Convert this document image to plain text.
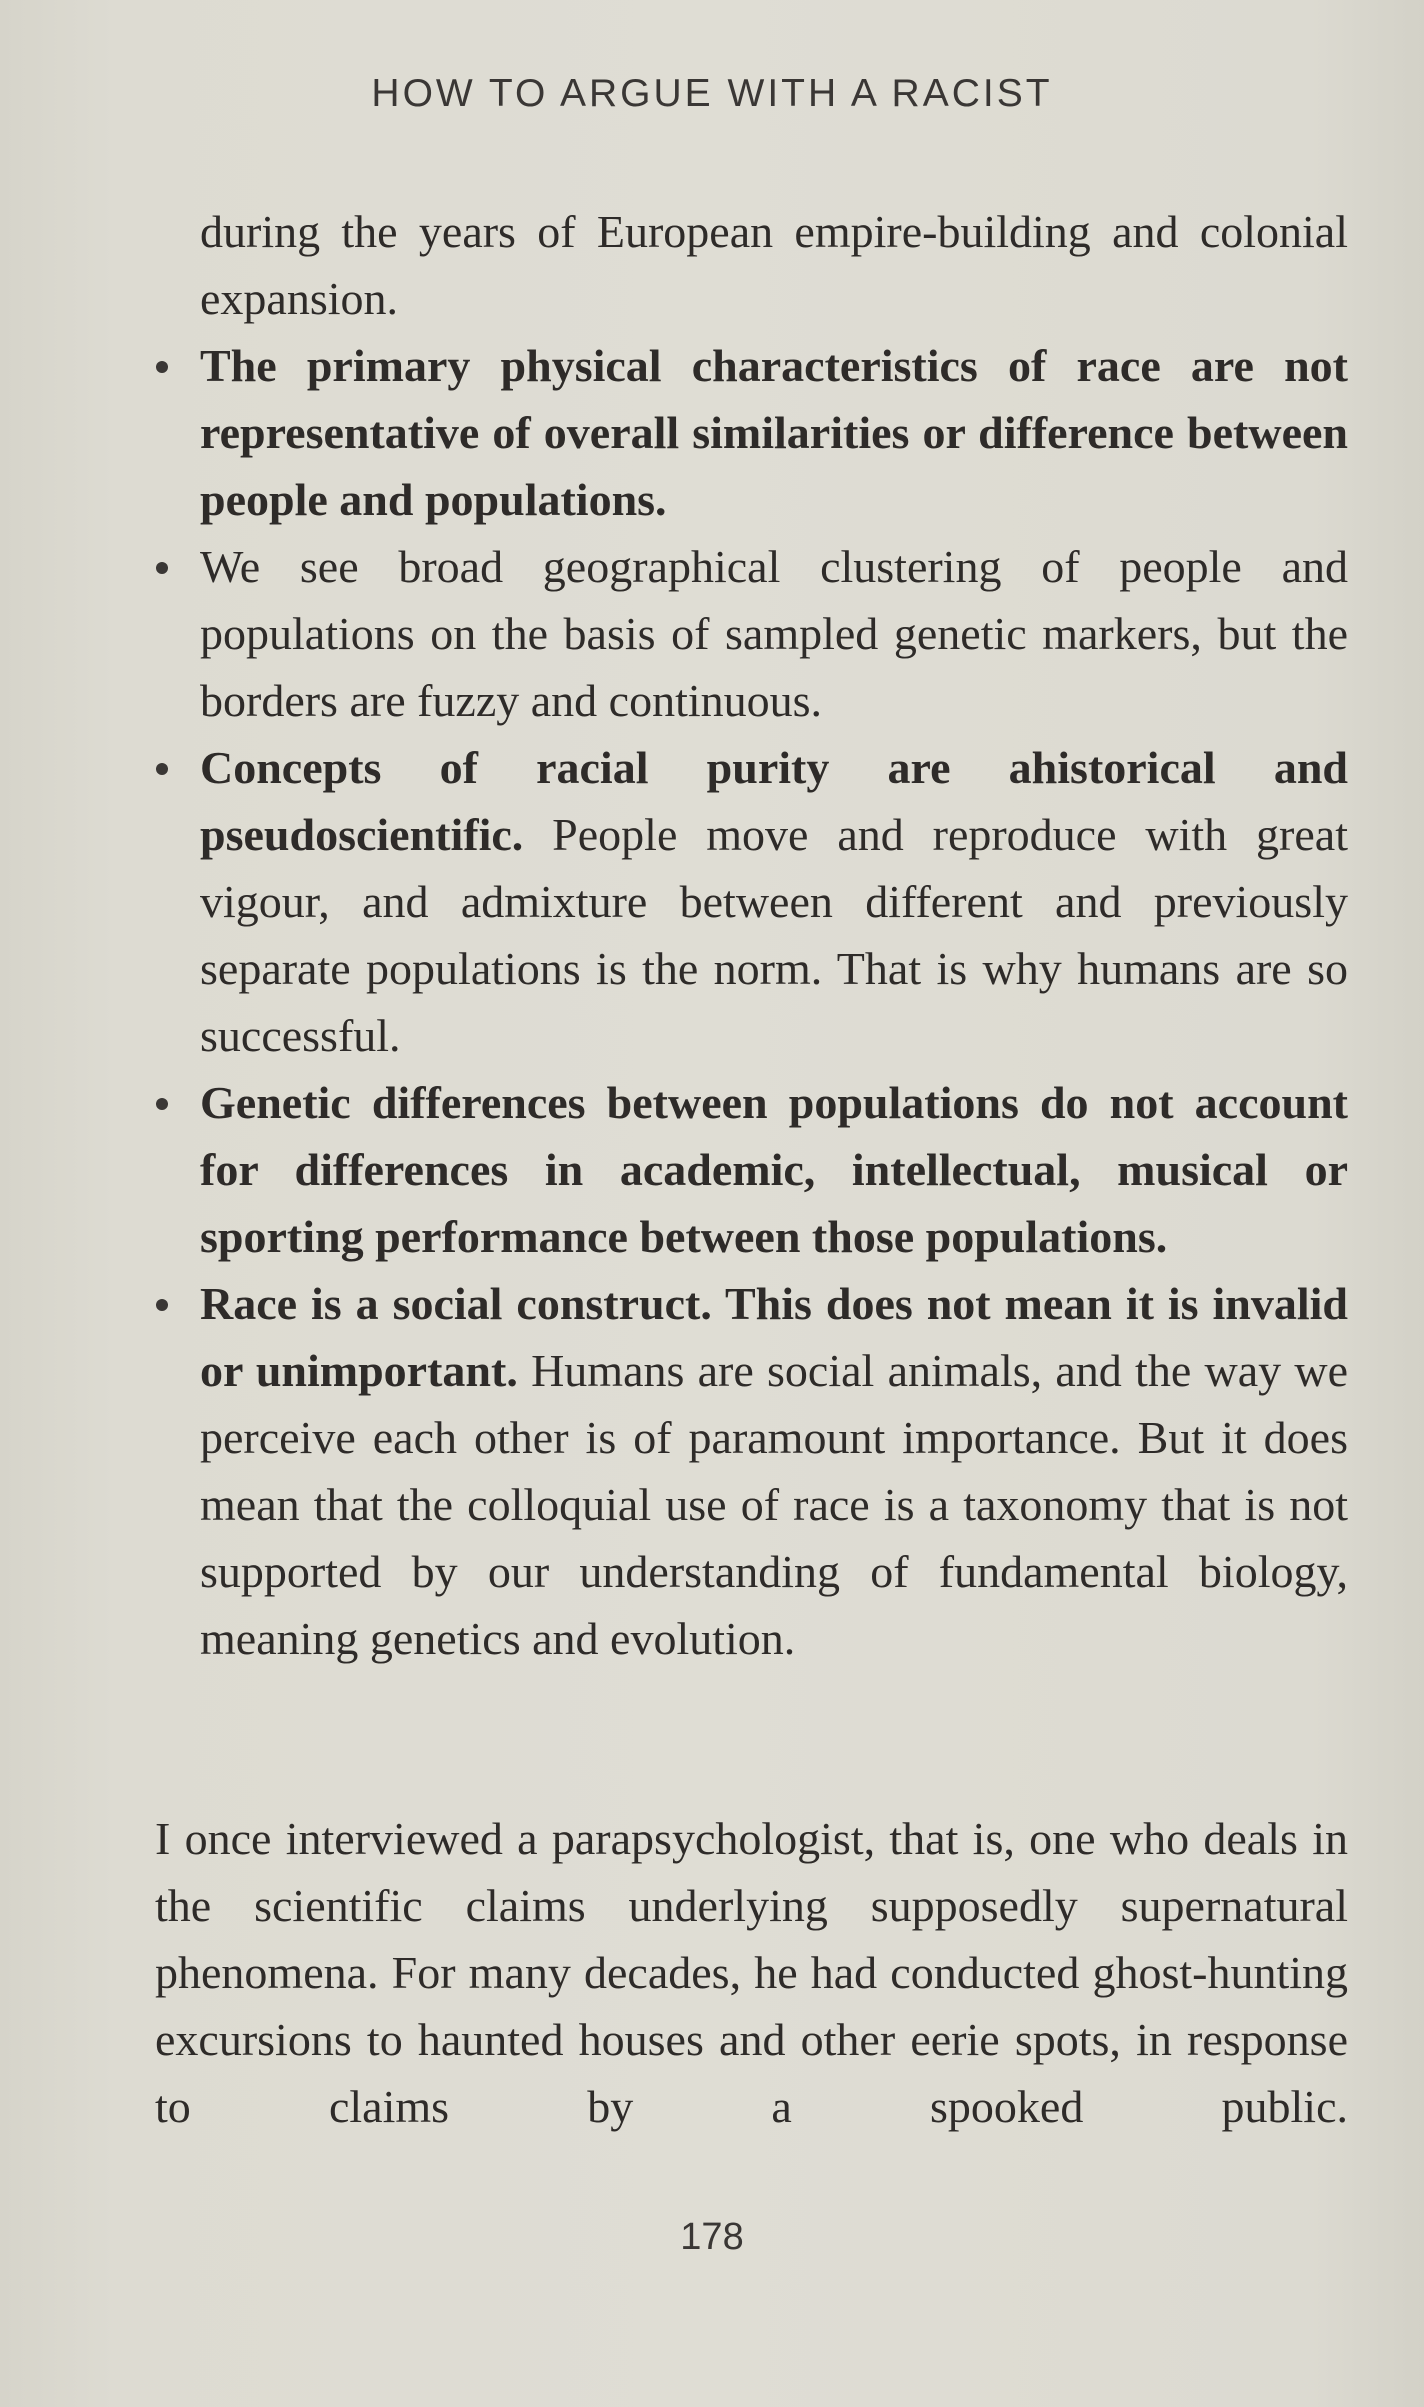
HOW TO ARGUE WITH A RACIST
during the years of European empire-building and colonial expansion.
The primary physical characteristics of race are not representative of overall similarities or difference between people and populations.
We see broad geographical clustering of people and populations on the basis of sampled genetic markers, but the borders are fuzzy and continuous.
Concepts of racial purity are ahistorical and pseudoscientific. People move and reproduce with great vigour, and admixture between different and previously separate populations is the norm. That is why humans are so successful.
Genetic differences between populations do not account for differences in academic, intellectual, musical or sporting performance between those populations.
Race is a social construct. This does not mean it is invalid or unimportant. Humans are social animals, and the way we perceive each other is of paramount importance. But it does mean that the colloquial use of race is a taxonomy that is not supported by our understanding of fundamental biology, meaning genetics and evolution.
I once interviewed a parapsychologist, that is, one who deals in the scientific claims underlying supposedly supernatural phenomena. For many decades, he had conducted ghost-hunting excursions to haunted houses and other eerie spots, in response to claims by a spooked public.
178
